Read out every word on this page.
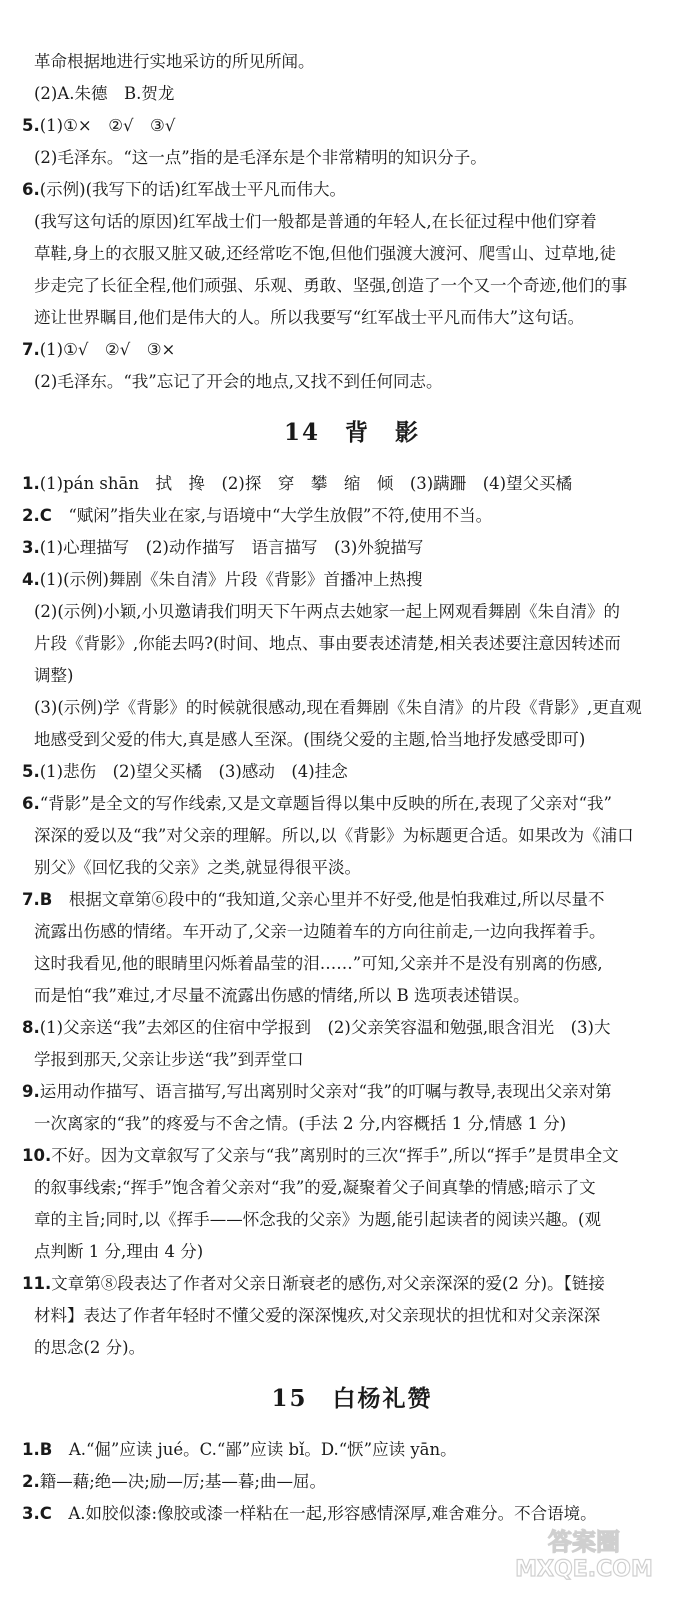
革命根据地进行实地采访的所见所闻。
(2)A.朱德　B.贺龙
5.(1)①×　②√　③√
(2)毛泽东。“这一点”指的是毛泽东是个非常精明的知识分子。
6.(示例)(我写下的话)红军战士平凡而伟大。
(我写这句话的原因)红军战士们一般都是普通的年轻人,在长征过程中他们穿着
草鞋,身上的衣服又脏又破,还经常吃不饱,但他们强渡大渡河、爬雪山、过草地,徒
步走完了长征全程,他们顽强、乐观、勇敢、坚强,创造了一个又一个奇迹,他们的事
迹让世界瞩目,他们是伟大的人。所以我要写“红军战士平凡而伟大”这句话。
7.(1)①√　②√　③×
(2)毛泽东。“我”忘记了开会的地点,又找不到任何同志。
14　背　影
1.(1)pán shān　拭　搀　(2)探　穿　攀　缩　倾　(3)蹒跚　(4)望父买橘
2.C　“赋闲”指失业在家,与语境中“大学生放假”不符,使用不当。
3.(1)心理描写　(2)动作描写　语言描写　(3)外貌描写
4.(1)(示例)舞剧《朱自清》片段《背影》首播冲上热搜
(2)(示例)小颖,小贝邀请我们明天下午两点去她家一起上网观看舞剧《朱自清》的
片段《背影》,你能去吗?(时间、地点、事由要表述清楚,相关表述要注意因转述而
调整)
(3)(示例)学《背影》的时候就很感动,现在看舞剧《朱自清》的片段《背影》,更直观
地感受到父爱的伟大,真是感人至深。(围绕父爱的主题,恰当地抒发感受即可)
5.(1)悲伤　(2)望父买橘　(3)感动　(4)挂念
6.“背影”是全文的写作线索,又是文章题旨得以集中反映的所在,表现了父亲对“我”
深深的爱以及“我”对父亲的理解。所以,以《背影》为标题更合适。如果改为《浦口
别父》《回忆我的父亲》之类,就显得很平淡。
7.B　根据文章第⑥段中的“我知道,父亲心里并不好受,他是怕我难过,所以尽量不
流露出伤感的情绪。车开动了,父亲一边随着车的方向往前走,一边向我挥着手。
这时我看见,他的眼睛里闪烁着晶莹的泪……”可知,父亲并不是没有别离的伤感,
而是怕“我”难过,才尽量不流露出伤感的情绪,所以 B 选项表述错误。
8.(1)父亲送“我”去郊区的住宿中学报到　(2)父亲笑容温和勉强,眼含泪光　(3)大
学报到那天,父亲让步送“我”到弄堂口
9.运用动作描写、语言描写,写出离别时父亲对“我”的叮嘱与教导,表现出父亲对第
一次离家的“我”的疼爱与不舍之情。(手法 2 分,内容概括 1 分,情感 1 分)
10.不好。因为文章叙写了父亲与“我”离别时的三次“挥手”,所以“挥手”是贯串全文
的叙事线索;“挥手”饱含着父亲对“我”的爱,凝聚着父子间真挚的情感;暗示了文
章的主旨;同时,以《挥手——怀念我的父亲》为题,能引起读者的阅读兴趣。(观
点判断 1 分,理由 4 分)
11.文章第⑧段表达了作者对父亲日渐衰老的感伤,对父亲深深的爱(2 分)。【链接
材料】表达了作者年轻时不懂父爱的深深愧疚,对父亲现状的担忧和对父亲深深
的思念(2 分)。
15　白杨礼赞
1.B　A.“倔”应读 jué。C.“鄙”应读 bǐ。D.“恹”应读 yān。
2.籍—藉;绝—决;励—厉;基—暮;曲—屈。
3.C　A.如胶似漆:像胶或漆一样粘在一起,形容感情深厚,难舍难分。不合语境。
答案圈
MXQE.COM
